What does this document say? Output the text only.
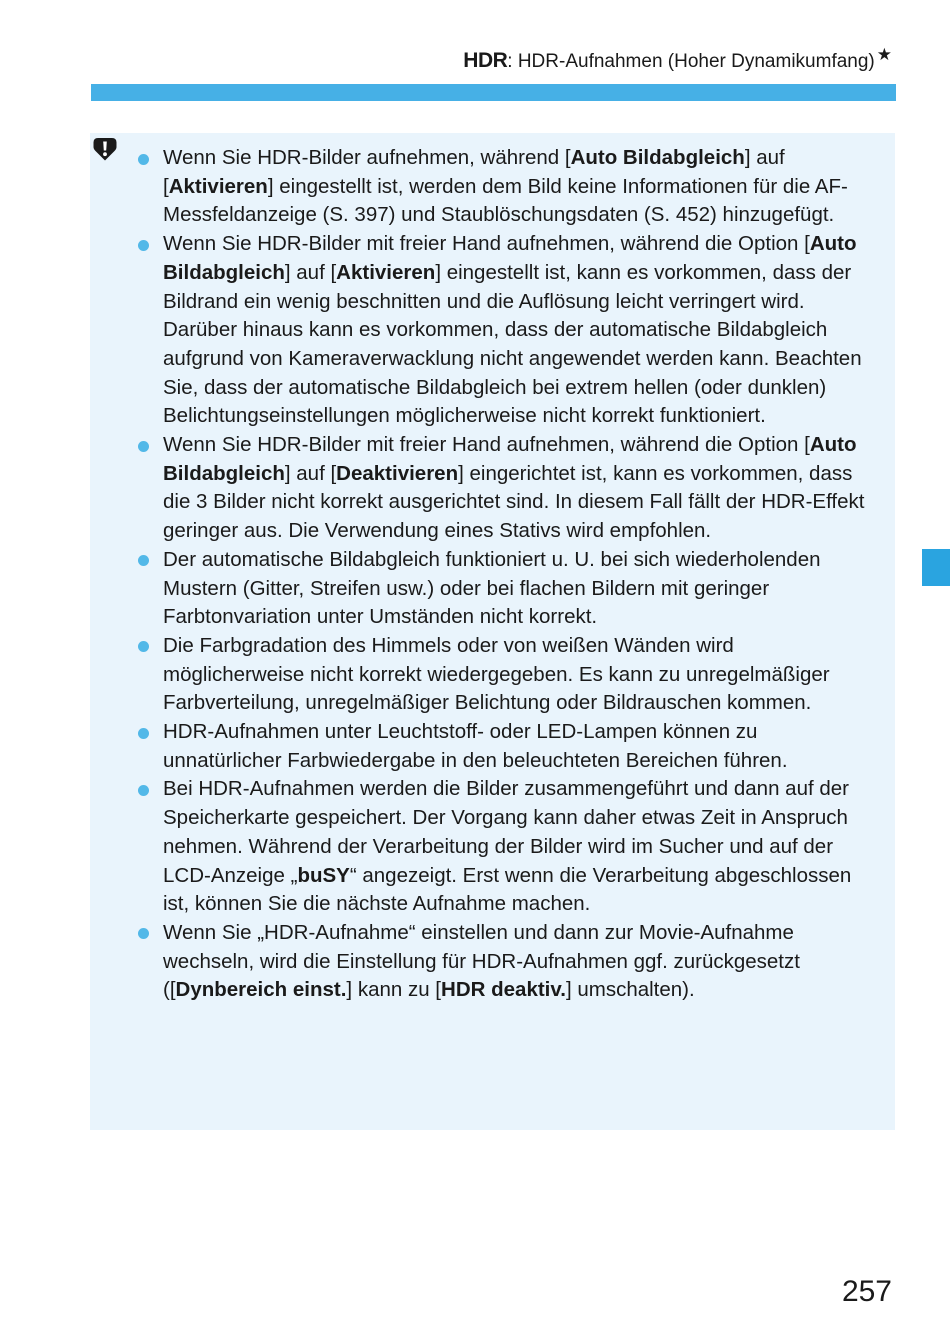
HDR: HDR-Aufnahmen (Hoher Dynamikumfang) ★
Wenn Sie HDR-Bilder aufnehmen, während [Auto Bildabgleich] auf [Aktivieren] eingestellt ist, werden dem Bild keine Informationen für die AF-Messfeldanzeige (S. 397) und Staublöschungsdaten (S. 452) hinzugefügt.
Wenn Sie HDR-Bilder mit freier Hand aufnehmen, während die Option [Auto Bildabgleich] auf [Aktivieren] eingestellt ist, kann es vorkommen, dass der Bildrand ein wenig beschnitten und die Auflösung leicht verringert wird. Darüber hinaus kann es vorkommen, dass der automatische Bildabgleich aufgrund von Kameraverwacklung nicht angewendet werden kann. Beachten Sie, dass der automatische Bildabgleich bei extrem hellen (oder dunklen) Belichtungseinstellungen möglicherweise nicht korrekt funktioniert.
Wenn Sie HDR-Bilder mit freier Hand aufnehmen, während die Option [Auto Bildabgleich] auf [Deaktivieren] eingerichtet ist, kann es vorkommen, dass die 3 Bilder nicht korrekt ausgerichtet sind. In diesem Fall fällt der HDR-Effekt geringer aus. Die Verwendung eines Stativs wird empfohlen.
Der automatische Bildabgleich funktioniert u. U. bei sich wiederholenden Mustern (Gitter, Streifen usw.) oder bei flachen Bildern mit geringer Farbtonvariation unter Umständen nicht korrekt.
Die Farbgradation des Himmels oder von weißen Wänden wird möglicherweise nicht korrekt wiedergegeben. Es kann zu unregelmäßiger Farbverteilung, unregelmäßiger Belichtung oder Bildrauschen kommen.
HDR-Aufnahmen unter Leuchtstoff- oder LED-Lampen können zu unnatürlicher Farbwiedergabe in den beleuchteten Bereichen führen.
Bei HDR-Aufnahmen werden die Bilder zusammengeführt und dann auf der Speicherkarte gespeichert. Der Vorgang kann daher etwas Zeit in Anspruch nehmen. Während der Verarbeitung der Bilder wird im Sucher und auf der LCD-Anzeige „buSY“ angezeigt. Erst wenn die Verarbeitung abgeschlossen ist, können Sie die nächste Aufnahme machen.
Wenn Sie „HDR-Aufnahme“ einstellen und dann zur Movie-Aufnahme wechseln, wird die Einstellung für HDR-Aufnahmen ggf. zurückgesetzt ([Dynbereich einst.] kann zu [HDR deaktiv.] umschalten).
257
